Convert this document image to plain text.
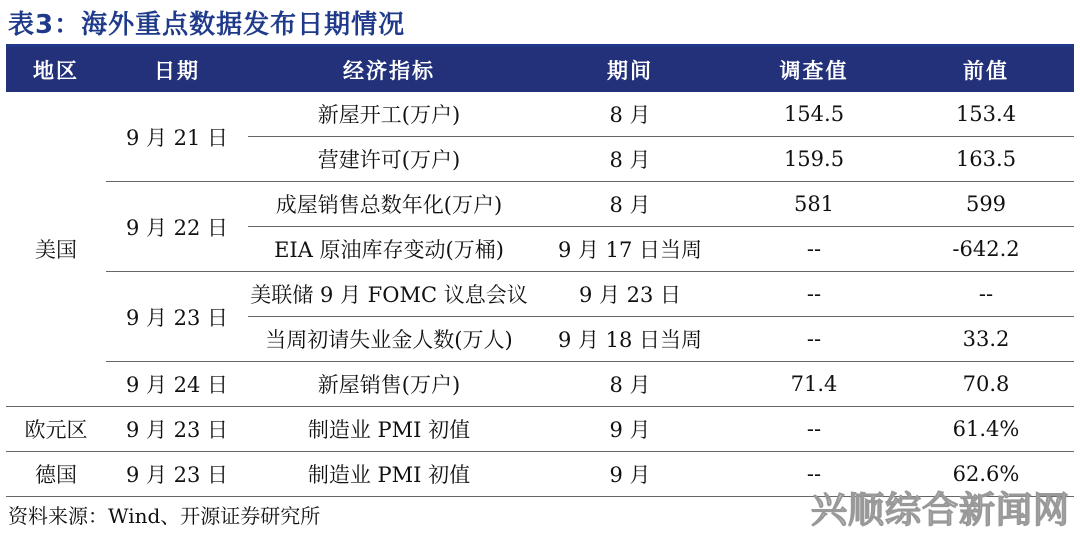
表3：海外重点数据发布日期情况
地区	日期	经济指标	期间	调查值	前值
美国	9 月 21 日	新屋开工(万户)	8 月	154.5	153.4
		营建许可(万户)	8 月	159.5	163.5
	9 月 22 日	成屋销售总数年化(万户)	8 月	581	599
		EIA 原油库存变动(万桶)	9 月 17 日当周	--	-642.2
	9 月 23 日	美联储 9 月 FOMC 议息会议	9 月 23 日	--	--
		当周初请失业金人数(万人)	9 月 18 日当周	--	33.2
	9 月 24 日	新屋销售(万户)	8 月	71.4	70.8
欧元区	9 月 23 日	制造业 PMI 初值	9 月	--	61.4%
德国	9 月 23 日	制造业 PMI 初值	9 月	--	62.6%
资料来源：Wind、开源证券研究所	兴顺综合新闻网
